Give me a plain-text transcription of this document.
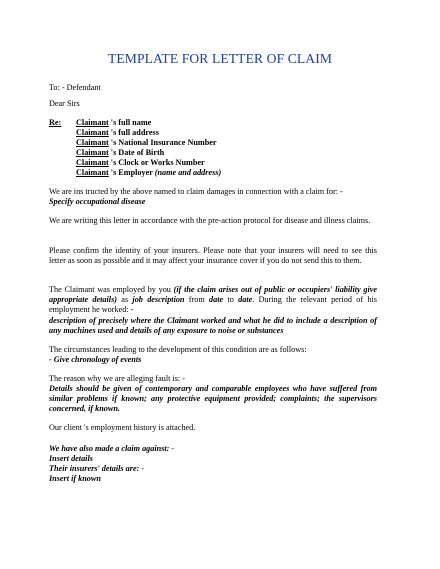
TEMPLATE FOR LETTER OF CLAIM
To: - Defendant
Dear Sirs
Re: Claimant 's full name
Claimant 's full address
Claimant 's National Insurance Number
Claimant 's Date of Birth
Claimant 's Clock or Works Number
Claimant 's Employer (name and address)
We are ins tructed by the above named to claim damages in connection with a claim for: -
Specify occupational disease
We are writing this letter in accordance with the pre-action protocol for disease and illness claims.
Please confirm the identity of your insurers. Please note that your insurers will need to see this letter as soon as possible and it may affect your insurance cover if you do not send this to them.
The Claimant was employed by you (if the claim arises out of public or occupiers' liability give appropriate details) as job description from date to date. During the relevant period of his employment he worked: -
description of precisely where the Claimant worked and what he did to include a description of any machines used and details of any exposure to noise or substances
The circumstances leading to the development of this condition are as follows:
- Give chronology of events
The reason why we are alleging fault is: -
Details should be given of contemporary and comparable employees who have suffered from similar problems if known; any protective equipment provided; complaints; the supervisors concerned, if known.
Our client 's employment history is attached.
We have also made a claim against: -
Insert details
Their insurers' details are: -
Insert if known
